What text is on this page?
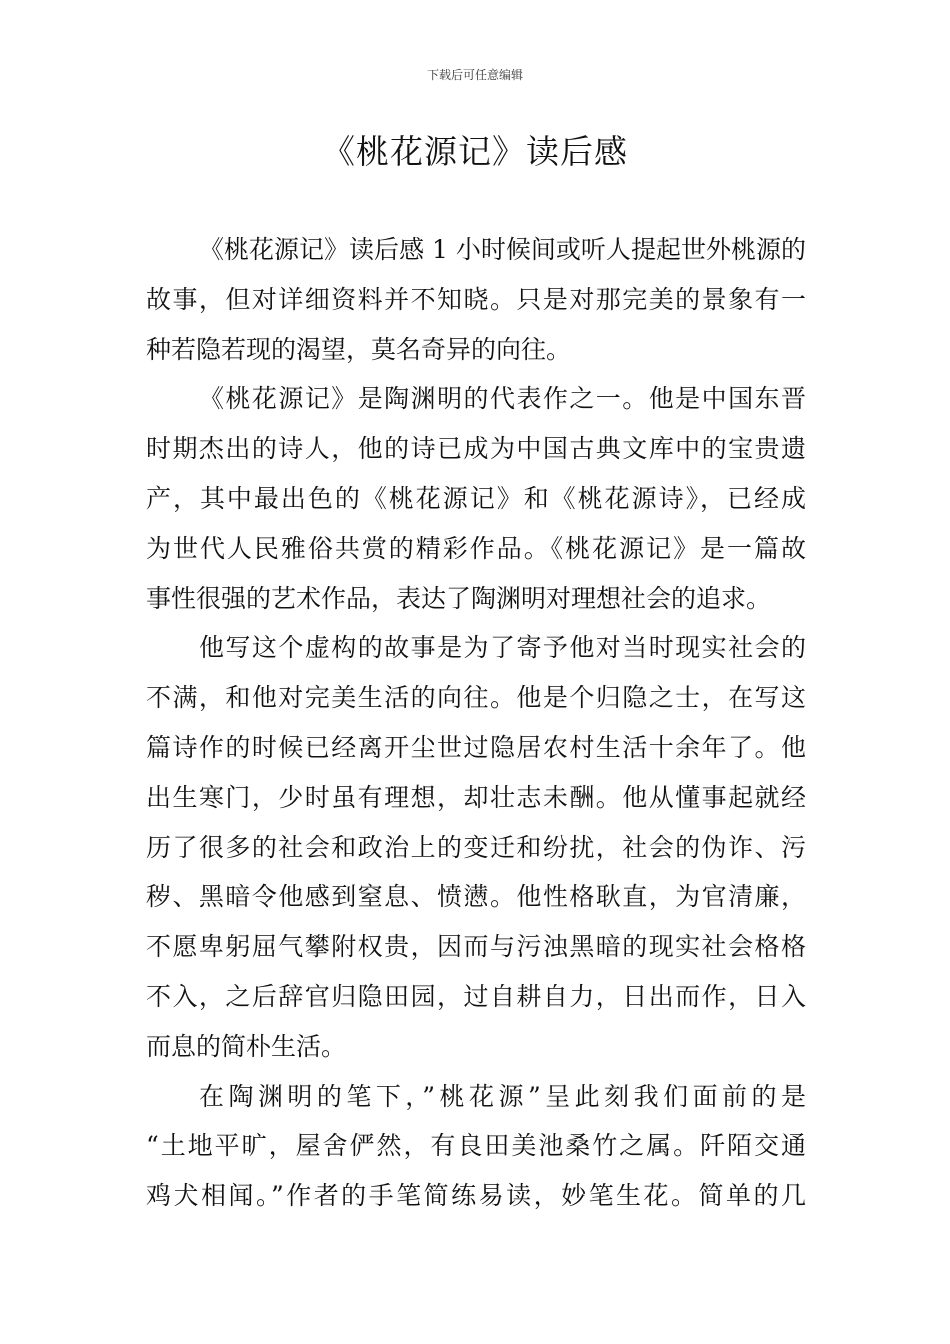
下载后可任意编辑
《桃花源记》读后感
《桃花源记》读后感 1 小时候间或听人提起世外桃源的
故事，但对详细资料并不知晓。只是对那完美的景象有一
种若隐若现的渴望，莫名奇异的向往。
《桃花源记》是陶渊明的代表作之一。他是中国东晋
时期杰出的诗人，他的诗已成为中国古典文库中的宝贵遗
产，其中最出色的《桃花源记》和《桃花源诗》，已经成
为世代人民雅俗共赏的精彩作品。《桃花源记》是一篇故
事性很强的艺术作品，表达了陶渊明对理想社会的追求。
他写这个虚构的故事是为了寄予他对当时现实社会的
不满，和他对完美生活的向往。他是个归隐之士，在写这
篇诗作的时候已经离开尘世过隐居农村生活十余年了。他
出生寒门，少时虽有理想，却壮志未酬。他从懂事起就经
历了很多的社会和政治上的变迁和纷扰，社会的伪诈、污
秽、黑暗令他感到窒息、愤懑。他性格耿直，为官清廉，
不愿卑躬屈气攀附权贵，因而与污浊黑暗的现实社会格格
不入，之后辞官归隐田园，过自耕自力，日出而作，日入
而息的简朴生活。
在陶渊明的笔下，”桃花源”呈此刻我们面前的是
“土地平旷，屋舍俨然，有良田美池桑竹之属。阡陌交通
鸡犬相闻。”作者的手笔简练易读，妙笔生花。简单的几
